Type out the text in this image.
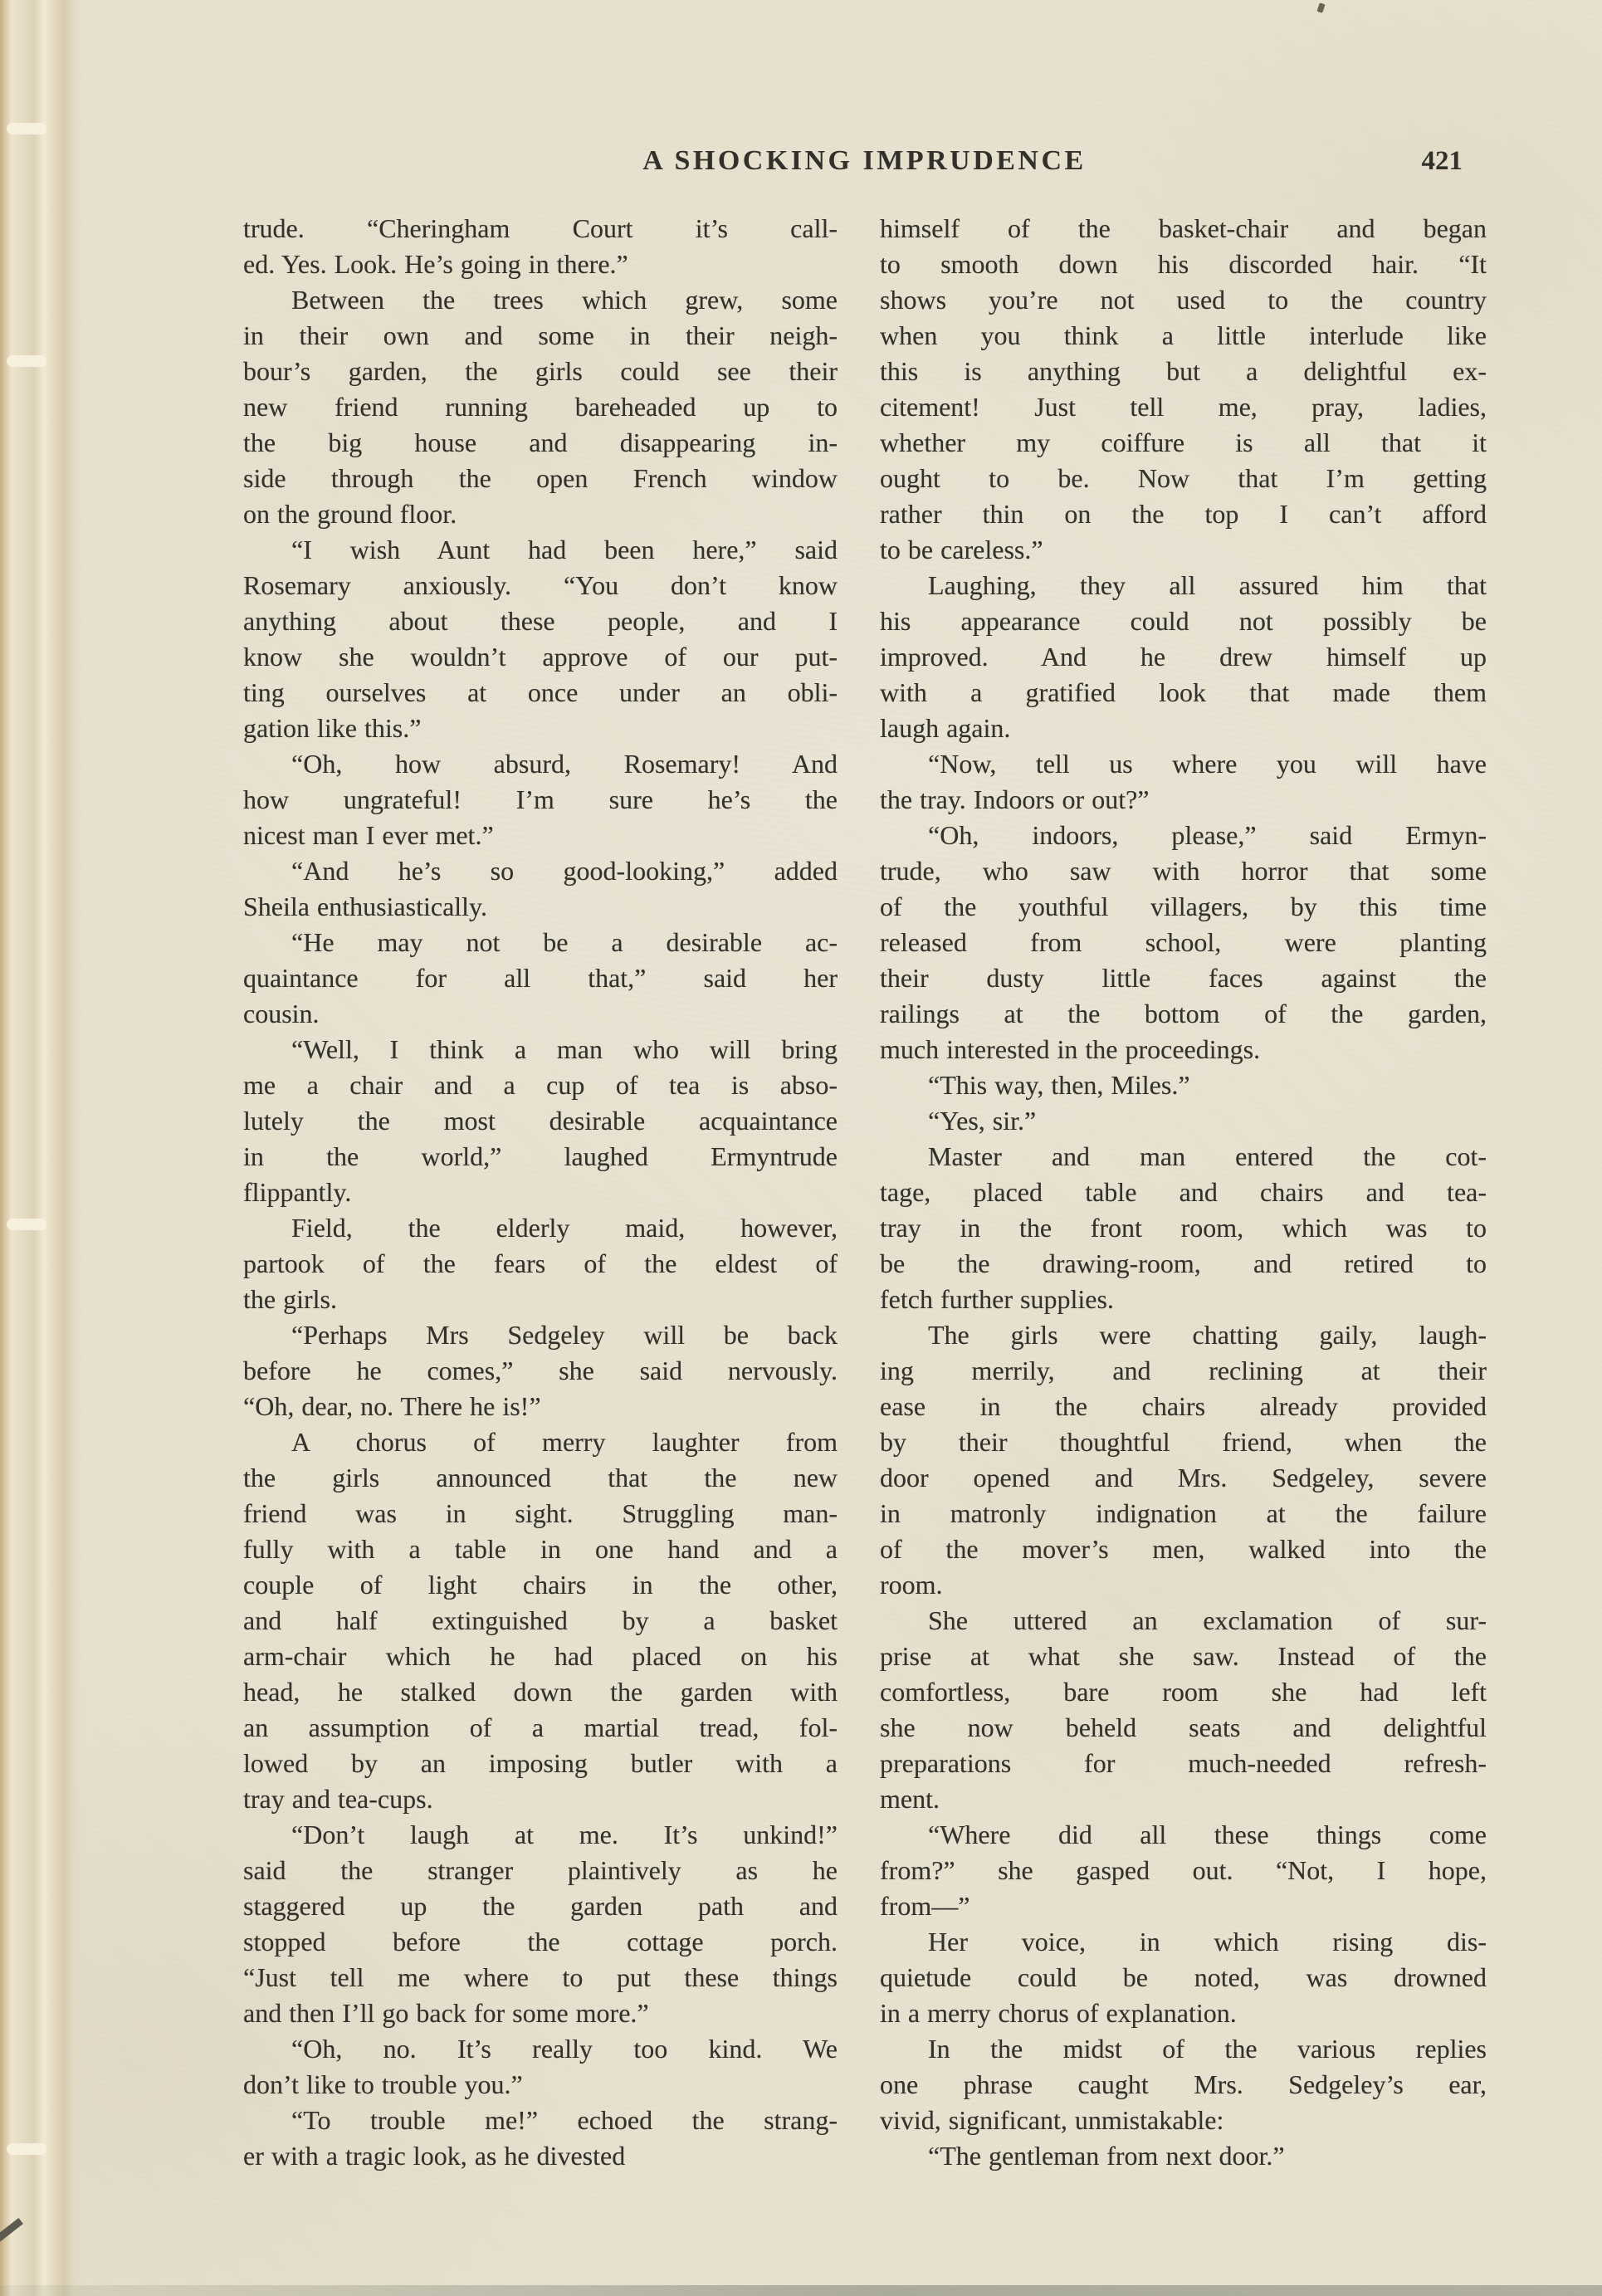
A SHOCKING IMPRUDENCE	421
trude. “Cheringham Court it’s call-
ed. Yes. Look. He’s going in there.”
Between the trees which grew, some
in their own and some in their neigh-
bour’s garden, the girls could see their
new friend running bareheaded up to
the big house and disappearing in-
side through the open French window
on the ground floor.
“I wish Aunt had been here,” said
Rosemary anxiously. “You don’t know
anything about these people, and I
know she wouldn’t approve of our put-
ting ourselves at once under an obli-
gation like this.”
“Oh, how absurd, Rosemary! And
how ungrateful! I’m sure he’s the
nicest man I ever met.”
“And he’s so good-looking,” added
Sheila enthusiastically.
“He may not be a desirable ac-
quaintance for all that,” said her
cousin.
“Well, I think a man who will bring
me a chair and a cup of tea is abso-
lutely the most desirable acquaintance
in the world,” laughed Ermyntrude
flippantly.
Field, the elderly maid, however,
partook of the fears of the eldest of
the girls.
“Perhaps Mrs Sedgeley will be back
before he comes,” she said nervously.
“Oh, dear, no. There he is!”
A chorus of merry laughter from
the girls announced that the new
friend was in sight. Struggling man-
fully with a table in one hand and a
couple of light chairs in the other,
and half extinguished by a basket
arm-chair which he had placed on his
head, he stalked down the garden with
an assumption of a martial tread, fol-
lowed by an imposing butler with a
tray and tea-cups.
“Don’t laugh at me. It’s unkind!”
said the stranger plaintively as he
staggered up the garden path and
stopped before the cottage porch.
“Just tell me where to put these things
and then I’ll go back for some more.”
“Oh, no. It’s really too kind. We
don’t like to trouble you.”
“To trouble me!” echoed the strang-
er with a tragic look, as he divested
himself of the basket-chair and began
to smooth down his discorded hair. “It
shows you’re not used to the country
when you think a little interlude like
this is anything but a delightful ex-
citement! Just tell me, pray, ladies,
whether my coiffure is all that it
ought to be. Now that I’m getting
rather thin on the top I can’t afford
to be careless.”
Laughing, they all assured him that
his appearance could not possibly be
improved. And he drew himself up
with a gratified look that made them
laugh again.
“Now, tell us where you will have
the tray. Indoors or out?”
“Oh, indoors, please,” said Ermyn-
trude, who saw with horror that some
of the youthful villagers, by this time
released from school, were planting
their dusty little faces against the
railings at the bottom of the garden,
much interested in the proceedings.
“This way, then, Miles.”
“Yes, sir.”
Master and man entered the cot-
tage, placed table and chairs and tea-
tray in the front room, which was to
be the drawing-room, and retired to
fetch further supplies.
The girls were chatting gaily, laugh-
ing merrily, and reclining at their
ease in the chairs already provided
by their thoughtful friend, when the
door opened and Mrs. Sedgeley, severe
in matronly indignation at the failure
of the mover’s men, walked into the
room.
She uttered an exclamation of sur-
prise at what she saw. Instead of the
comfortless, bare room she had left
she now beheld seats and delightful
preparations for much-needed refresh-
ment.
“Where did all these things come
from?” she gasped out. “Not, I hope,
from—”
Her voice, in which rising dis-
quietude could be noted, was drowned
in a merry chorus of explanation.
In the midst of the various replies
one phrase caught Mrs. Sedgeley’s ear,
vivid, significant, unmistakable:
“The gentleman from next door.”
